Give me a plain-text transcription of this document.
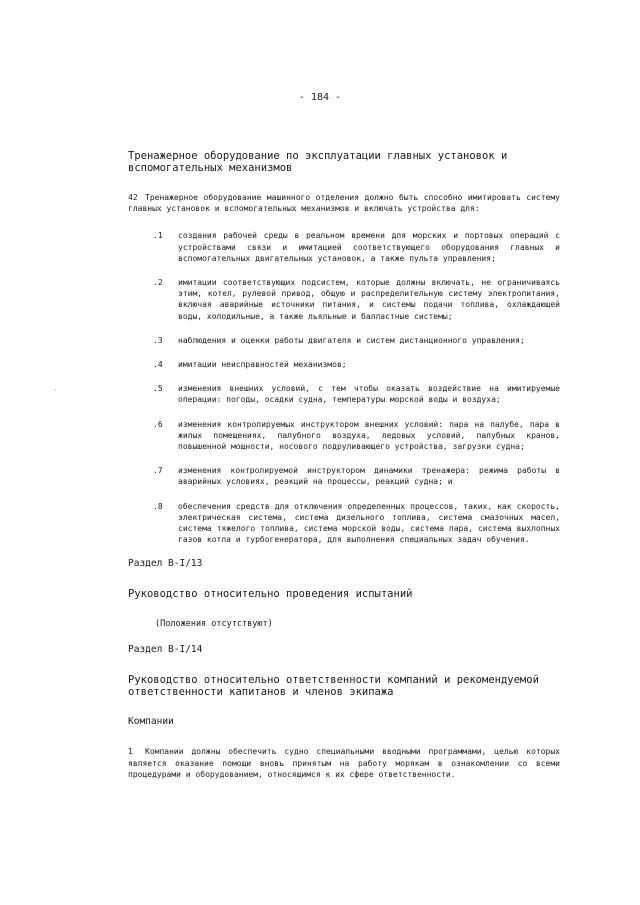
- 184 -
·
Тренажерное оборудование по эксплуатации главных установок и вспомогательных механизмов
42 Тренажерное оборудование машинного отделения должно быть способно имитировать систему главных установок и вспомогательных механизмов и включать устройства для:
.1	создания рабочей среды в реальном времени для морских и портовых операций с устройствами связи и имитацией соответствующего оборудования главных и вспомогательных двигательных установок, а также пульта управления;
.2	имитации соответствующих подсистем, которые должны включать, не ограничиваясь этим, котел, рулевой привод, общую и распределительную систему электропитания, включая аварийные источники питания, и системы подачи топлива, охлаждающей воды, холодильные, а также льяльные и балластные системы;
.3	наблюдения и оценки работы двигателя и систем дистанционного управления;
.4	имитации неисправностей механизмов;
.5	изменения внешних условий, с тем чтобы оказать воздействие на имитируемые операции: погоды, осадки судна, температуры морской воды и воздуха;
.6	изменения контролируемых инструктором внешних условий: пара на палубе, пара в жилых помещениях, палубного воздуха, ледовых условий, палубных кранов, повышенной мощности, носового подруливающего устройства, загрузки судна;
.7	изменения контролируемой инструктором динамики тренажера: режима работы в аварийных условиях, реакций на процессы, реакций судна; и
.8	обеспечения средств для отключения определенных процессов, таких, как скорость, электрическая система, система дизельного топлива, система смазочных масел, система тяжелого топлива, система морской воды, система пара, система выхлопных газов котла и турбогенератора, для выполнения специальных задач обучения.
Раздел B-I/13
Руководство относительно проведения испытаний
(Положения отсутствуют)
Раздел B-I/14
Руководство относительно ответственности компаний и рекомендуемой ответственности капитанов и членов экипажа
Компании
1 Компании должны обеспечить судно специальными вводными программами, целью которых является оказание помощи вновь принятым на работу морякам в ознакомлении со всеми процедурами и оборудованием, относящимся к их сфере ответственности.
